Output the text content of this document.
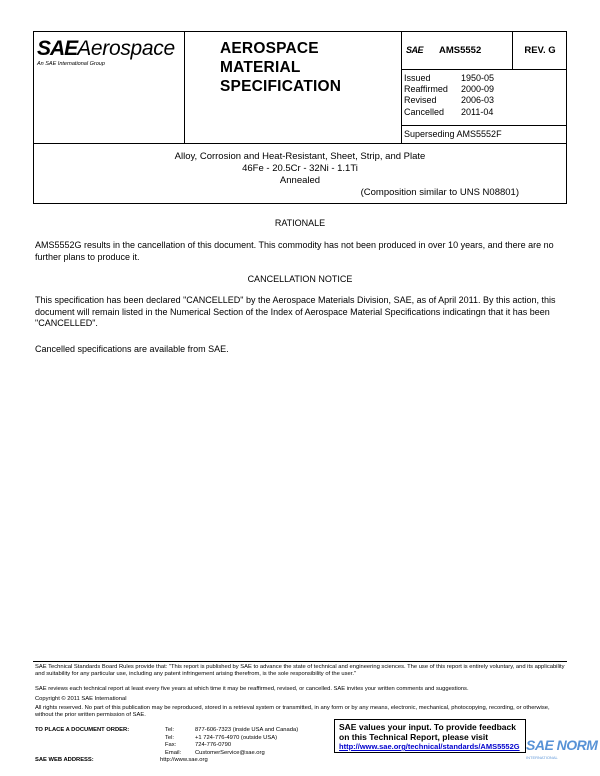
SAEAerospace
An SAE International Group
AEROSPACE
MATERIAL
SPECIFICATION
SAE AMS5552	REV. G
Issued	1950-05
Reaffirmed	2000-09
Revised	2006-03
Cancelled	2011-04
Superseding AMS5552F
Alloy, Corrosion and Heat-Resistant, Sheet, Strip, and Plate
46Fe - 20.5Cr - 32Ni - 1.1Ti
Annealed
(Composition similar to UNS N08801)
RATIONALE
AMS5552G results in the cancellation of this document. This commodity has not been produced in over 10 years, and there are no further plans to produce it.
CANCELLATION NOTICE
This specification has been declared "CANCELLED" by the Aerospace Materials Division, SAE, as of April 2011. By this action, this document will remain listed in the Numerical Section of the Index of Aerospace Material Specifications indicatingn that it has been "CANCELLED".
Cancelled specifications are available from SAE.
SAE Technical Standards Board Rules provide that: "This report is published by SAE to advance the state of technical and engineering sciences. The use of this report is entirely voluntary, and its applicability and suitability for any particular use, including any patent infringement arising therefrom, is the sole responsibility of the user."
SAE reviews each technical report at least every five years at which time it may be reaffirmed, revised, or cancelled. SAE invites your written comments and suggestions.
Copyright © 2011 SAE International
All rights reserved. No part of this publication may be reproduced, stored in a retrieval system or transmitted, in any form or by any means, electronic, mechanical, photocopying, recording, or otherwise, without the prior written permission of SAE.
TO PLACE A DOCUMENT ORDER:	Tel:	877-606-7323 (inside USA and Canada)
Tel:	+1 724-776-4970 (outside USA)
Fax:	724-776-0790
Email:	CustomerService@sae.org
SAE WEB ADDRESS:	http://www.sae.org
SAE values your input. To provide feedback
on this Technical Report, please visit
http://www.sae.org/technical/standards/AMS5552G SAE NORM
INTERNATIONAL
